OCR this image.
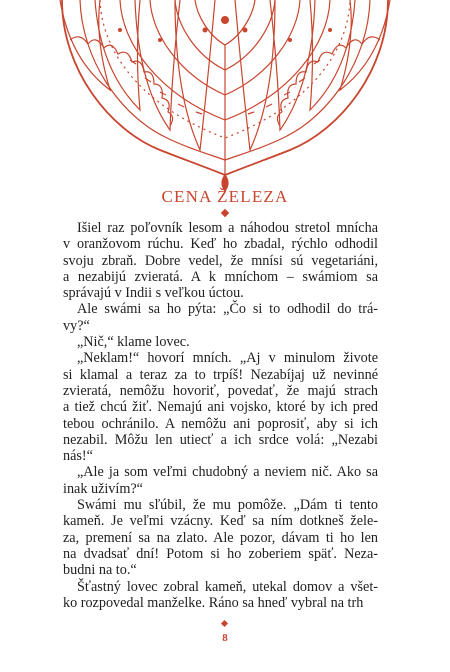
CENA ŽELEZA

Išiel raz poľovník lesom a náhodou stretol mnícha
v oranžovom rúchu. Keď ho zbadal, rýchlo odhodil
svoju zbraň. Dobre vedel, že mnísi sú vegetariáni,
a nezabijú zvieratá. A k mníchom – swámiom sa
správajú v Indii s veľkou úctou.

Ale swámi sa ho pýta: „Čo si to odhodil do trá-
vy?“

„Nič,“ klame lovec.

„Neklam!“ hovorí mních. „Aj v minulom živote
si klamal a teraz za to trpíš! Nezabíjaj už nevinné
zvieratá, nemôžu hovoriť, povedať, že majú strach
a tiež chcú žiť. Nemajú ani vojsko, ktoré by ich pred
tebou ochránilo. A nemôžu ani poprosiť, aby si ich
nezabil. Môžu len utiecť a ich srdce volá: „Nezabi
nás!“

„Ale ja som veľmi chudobný a neviem nič. Ako sa
inak uživím?“

Swámi mu sľúbil, že mu pomôže. „Dám ti tento
kameň. Je veľmi vzácny. Keď sa ním dotkneš žele-
za, premení sa na zlato. Ale pozor, dávam ti ho len
na dvadsať dní! Potom si ho zoberiem späť. Neza-
budni na to.“

Šťastný lovec zobral kameň, utekal domov a všet-
ko rozpovedal manželke. Ráno sa hneď vybral na trh

8
